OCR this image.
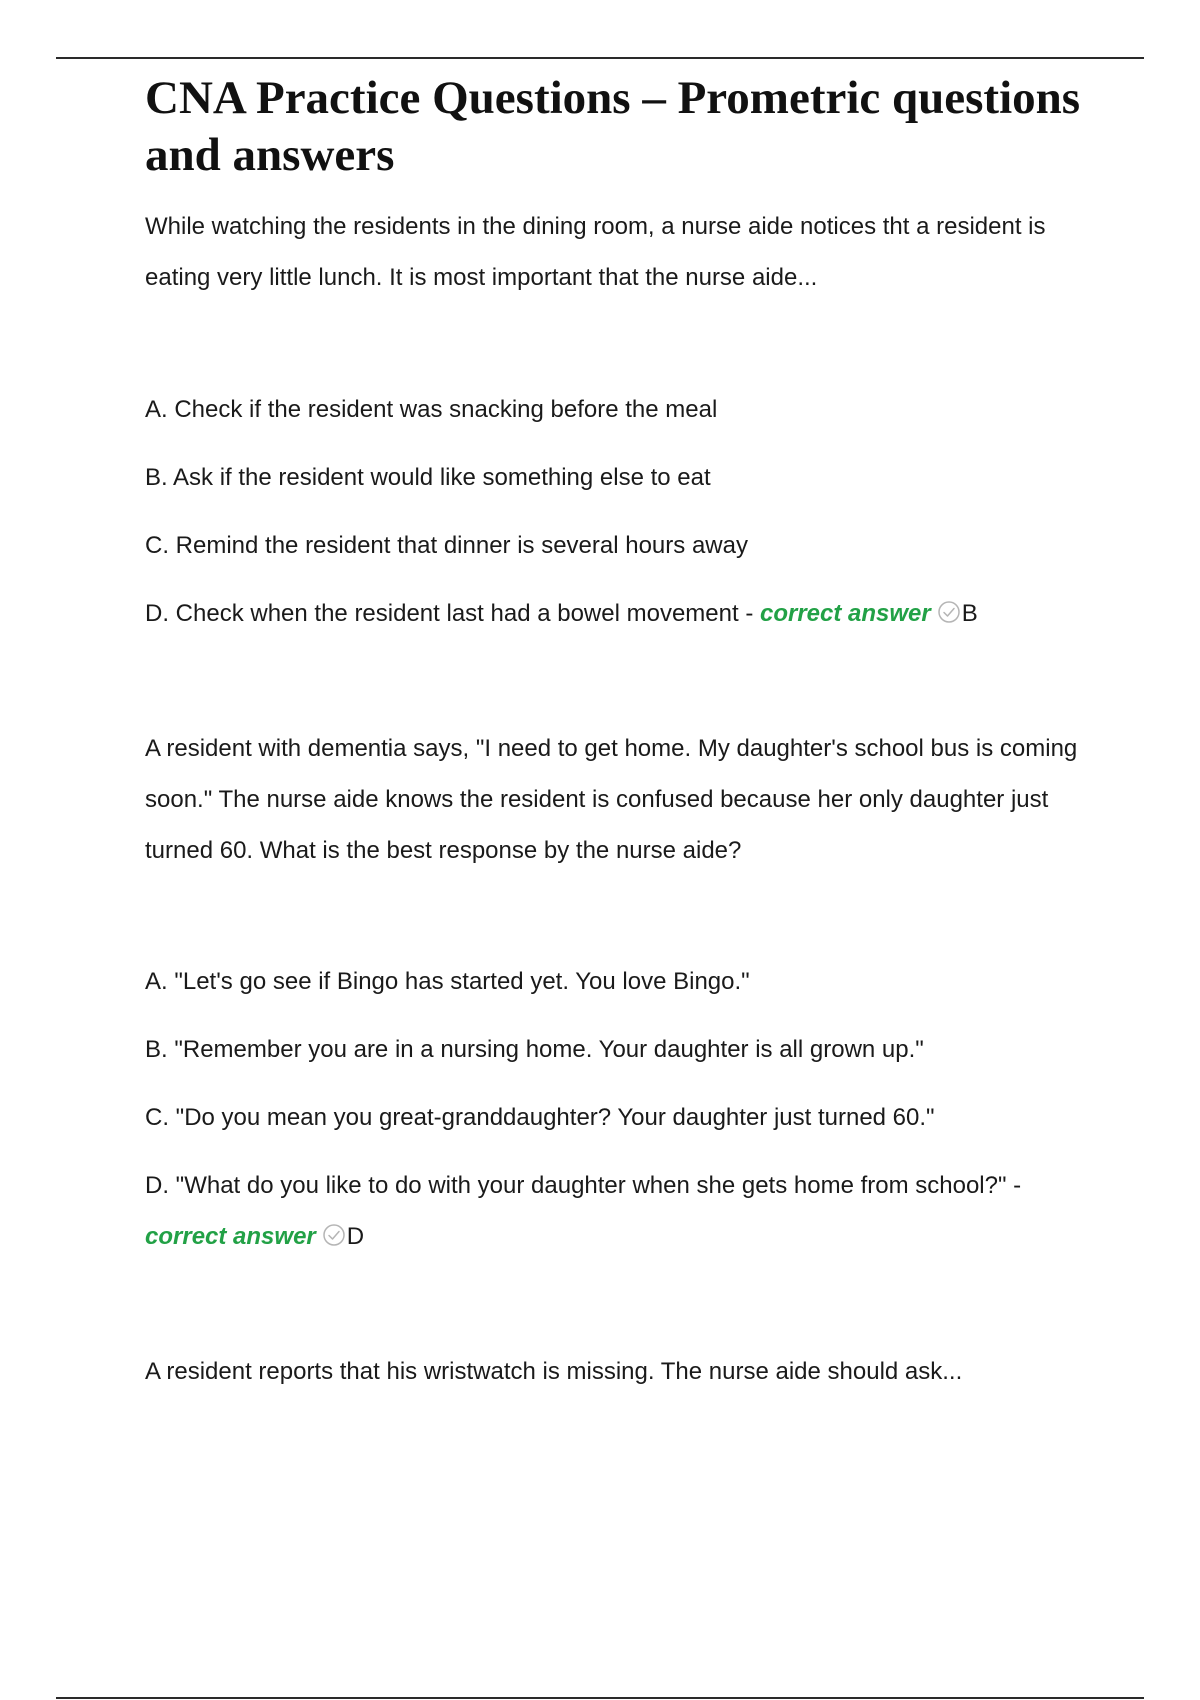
CNA Practice Questions – Prometric questions and answers

While watching the residents in the dining room, a nurse aide notices tht a resident is eating very little lunch. It is most important that the nurse aide...

A. Check if the resident was snacking before the meal

B. Ask if the resident would like something else to eat

C. Remind the resident that dinner is several hours away

D. Check when the resident last had a bowel movement - correct answer B

A resident with dementia says, "I need to get home. My daughter's school bus is coming soon." The nurse aide knows the resident is confused because her only daughter just turned 60. What is the best response by the nurse aide?

A. "Let's go see if Bingo has started yet. You love Bingo."

B. "Remember you are in a nursing home. Your daughter is all grown up."

C. "Do you mean you great-granddaughter? Your daughter just turned 60."

D. "What do you like to do with your daughter when she gets home from school?" - correct answer D

A resident reports that his wristwatch is missing. The nurse aide should ask...
